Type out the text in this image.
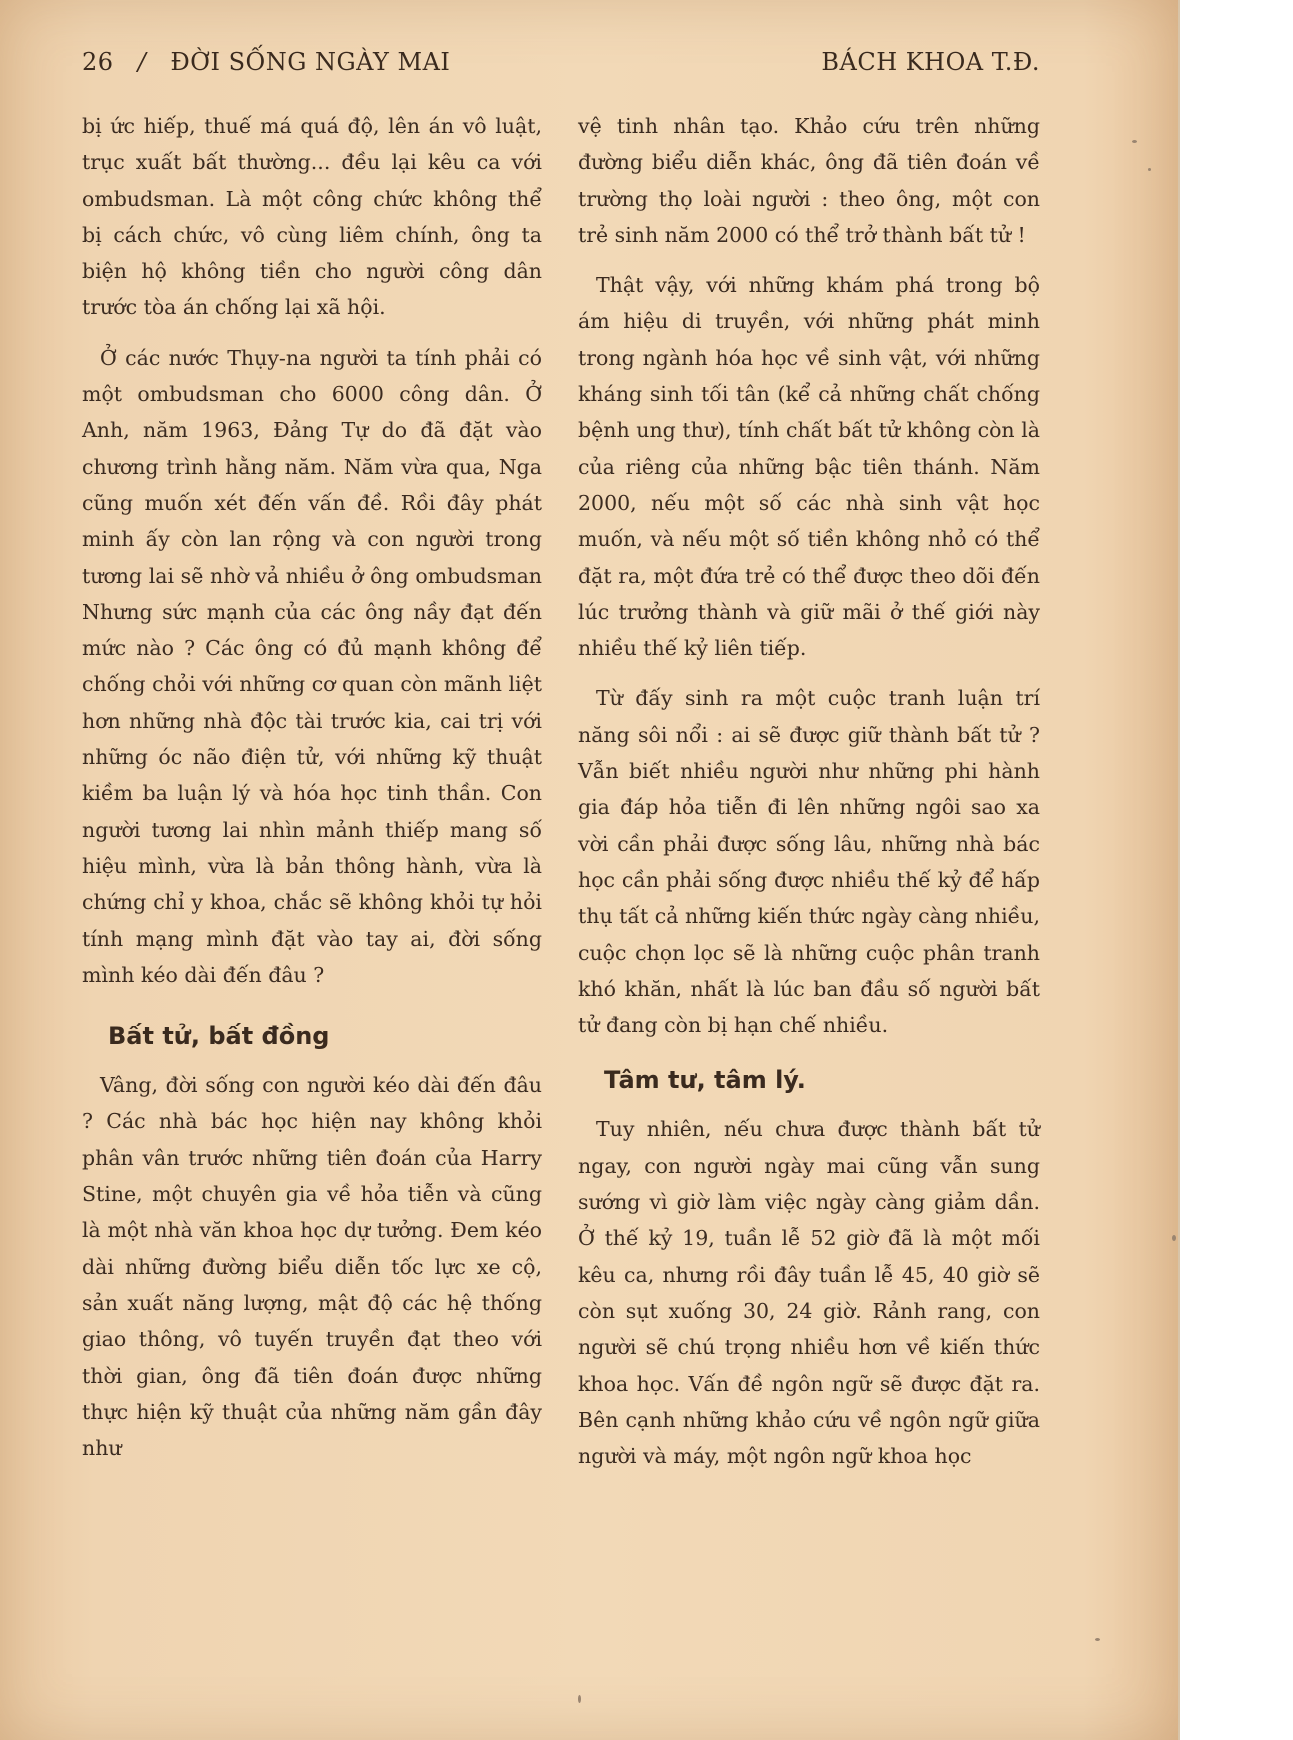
26 / ĐỜI SỐNG NGÀY MAI	BÁCH KHOA T.Đ.

bị ức hiếp, thuế má quá độ, lên án vô luật, trục xuất bất thường... đều lại kêu ca với ombudsman. Là một công chức không thể bị cách chức, vô cùng liêm chính, ông ta biện hộ không tiền cho người công dân trước tòa án chống lại xã hội.

Ở các nước Thụy-na người ta tính phải có một ombudsman cho 6000 công dân. Ở Anh, năm 1963, Đảng Tự do đã đặt vào chương trình hằng năm. Năm vừa qua, Nga cũng muốn xét đến vấn đề. Rồi đây phát minh ấy còn lan rộng và con người trong tương lai sẽ nhờ vả nhiều ở ông ombudsman Nhưng sức mạnh của các ông nầy đạt đến mức nào ? Các ông có đủ mạnh không để chống chỏi với những cơ quan còn mãnh liệt hơn những nhà độc tài trước kia, cai trị với những óc não điện tử, với những kỹ thuật kiềm ba luận lý và hóa học tinh thần. Con người tương lai nhìn mảnh thiếp mang số hiệu mình, vừa là bản thông hành, vừa là chứng chỉ y khoa, chắc sẽ không khỏi tự hỏi tính mạng mình đặt vào tay ai, đời sống mình kéo dài đến đâu ?

Bất tử, bất đồng

Vâng, đời sống con người kéo dài đến đâu ? Các nhà bác học hiện nay không khỏi phân vân trước những tiên đoán của Harry Stine, một chuyên gia về hỏa tiễn và cũng là một nhà văn khoa học dự tưởng. Đem kéo dài những đường biểu diễn tốc lực xe cộ, sản xuất năng lượng, mật độ các hệ thống giao thông, vô tuyến truyền đạt theo với thời gian, ông đã tiên đoán được những thực hiện kỹ thuật của những năm gần đây như

vệ tinh nhân tạo. Khảo cứu trên những đường biểu diễn khác, ông đã tiên đoán về trường thọ loài người : theo ông, một con trẻ sinh năm 2000 có thể trở thành bất tử !

Thật vậy, với những khám phá trong bộ ám hiệu di truyền, với những phát minh trong ngành hóa học về sinh vật, với những kháng sinh tối tân (kể cả những chất chống bệnh ung thư), tính chất bất tử không còn là của riêng của những bậc tiên thánh. Năm 2000, nếu một số các nhà sinh vật học muốn, và nếu một số tiền không nhỏ có thể đặt ra, một đứa trẻ có thể được theo dõi đến lúc trưởng thành và giữ mãi ở thế giới này nhiều thế kỷ liên tiếp.

Từ đấy sinh ra một cuộc tranh luận trí năng sôi nổi : ai sẽ được giữ thành bất tử ? Vẫn biết nhiều người như những phi hành gia đáp hỏa tiễn đi lên những ngôi sao xa vời cần phải được sống lâu, những nhà bác học cần phải sống được nhiều thế kỷ để hấp thụ tất cả những kiến thức ngày càng nhiều, cuộc chọn lọc sẽ là những cuộc phân tranh khó khăn, nhất là lúc ban đầu số người bất tử đang còn bị hạn chế nhiều.

Tâm tư, tâm lý.

Tuy nhiên, nếu chưa được thành bất tử ngay, con người ngày mai cũng vẫn sung sướng vì giờ làm việc ngày càng giảm dần. Ở thế kỷ 19, tuần lễ 52 giờ đã là một mối kêu ca, nhưng rồi đây tuần lễ 45, 40 giờ sẽ còn sụt xuống 30, 24 giờ. Rảnh rang, con người sẽ chú trọng nhiều hơn về kiến thức khoa học. Vấn đề ngôn ngữ sẽ được đặt ra. Bên cạnh những khảo cứu về ngôn ngữ giữa người và máy, một ngôn ngữ khoa học
